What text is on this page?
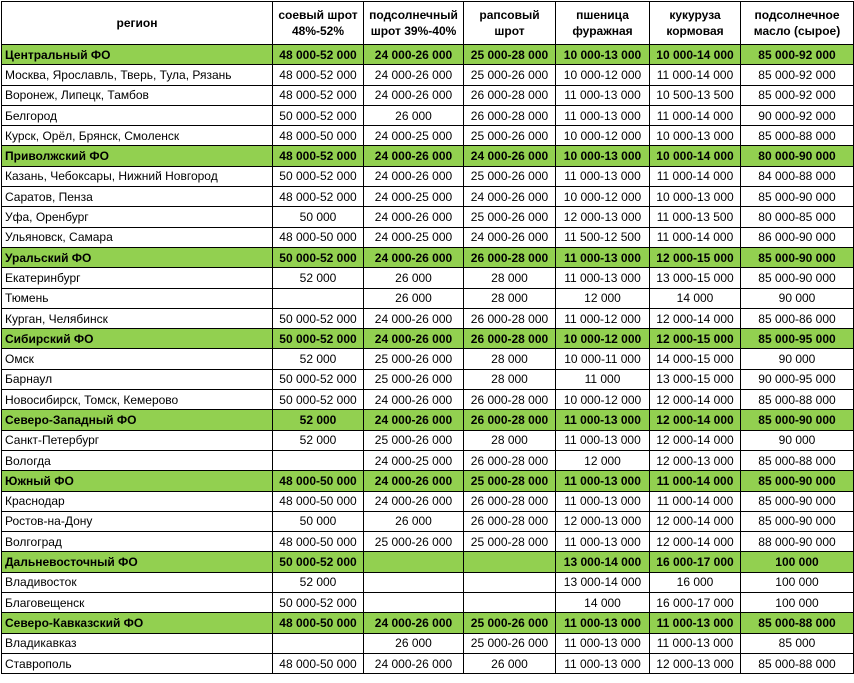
регион	соевый шрот 48%-52%	подсолнечный шрот 39%-40%	рапсовый шрот	пшеница фуражная	кукуруза кормовая	подсолнечное масло (сырое)
Центральный ФО	48 000-52 000	24 000-26 000	25 000-28 000	10 000-13 000	10 000-14 000	85 000-92 000
Москва, Ярославль, Тверь, Тула, Рязань	48 000-52 000	24 000-26 000	25 000-26 000	10 000-12 000	11 000-14 000	85 000-92 000
Воронеж, Липецк, Тамбов	48 000-52 000	24 000-26 000	26 000-28 000	11 000-13 000	10 500-13 500	85 000-92 000
Белгород	50 000-52 000	26 000	26 000-28 000	11 000-13 000	11 000-14 000	90 000-92 000
Курск, Орёл, Брянск, Смоленск	48 000-50 000	24 000-25 000	25 000-26 000	10 000-12 000	10 000-13 000	85 000-88 000
Приволжский ФО	48 000-52 000	24 000-26 000	24 000-26 000	10 000-13 000	10 000-14 000	80 000-90 000
Казань, Чебоксары, Нижний Новгород	50 000-52 000	24 000-26 000	25 000-26 000	11 000-13 000	11 000-14 000	84 000-88 000
Саратов, Пенза	48 000-52 000	24 000-25 000	24 000-26 000	10 000-12 000	10 000-13 000	85 000-90 000
Уфа, Оренбург	50 000	24 000-26 000	25 000-26 000	12 000-13 000	11 000-13 500	80 000-85 000
Ульяновск, Самара	48 000-50 000	24 000-25 000	24 000-26 000	11 500-12 500	11 000-14 000	86 000-90 000
Уральский ФО	50 000-52 000	24 000-26 000	26 000-28 000	11 000-13 000	12 000-15 000	85 000-90 000
Екатеринбург	52 000	26 000	28 000	11 000-13 000	13 000-15 000	85 000-90 000
Тюмень		26 000	28 000	12 000	14 000	90 000
Курган, Челябинск	50 000-52 000	24 000-26 000	26 000-28 000	11 000-12 000	12 000-14 000	85 000-86 000
Сибирский ФО	50 000-52 000	24 000-26 000	26 000-28 000	10 000-12 000	12 000-15 000	85 000-95 000
Омск	52 000	25 000-26 000	28 000	10 000-11 000	14 000-15 000	90 000
Барнаул	50 000-52 000	25 000-26 000	28 000	11 000	13 000-15 000	90 000-95 000
Новосибирск, Томск, Кемерово	50 000-52 000	24 000-26 000	26 000-28 000	10 000-12 000	12 000-14 000	85 000-88 000
Северо-Западный ФО	52 000	24 000-26 000	26 000-28 000	11 000-13 000	12 000-14 000	85 000-90 000
Санкт-Петербург	52 000	25 000-26 000	28 000	11 000-13 000	12 000-14 000	90 000
Вологда		24 000-25 000	26 000-28 000	12 000	12 000-13 000	85 000-88 000
Южный ФО	48 000-50 000	24 000-26 000	25 000-28 000	11 000-13 000	11 000-14 000	85 000-90 000
Краснодар	48 000-50 000	24 000-26 000	26 000-28 000	11 000-13 000	11 000-14 000	85 000-90 000
Ростов-на-Дону	50 000	26 000	26 000-28 000	12 000-13 000	12 000-14 000	85 000-90 000
Волгоград	48 000-50 000	25 000-26 000	25 000-28 000	11 000-13 000	12 000-14 000	88 000-90 000
Дальневосточный ФО	50 000-52 000			13 000-14 000	16 000-17 000	100 000
Владивосток	52 000			13 000-14 000	16 000	100 000
Благовещенск	50 000-52 000			14 000	16 000-17 000	100 000
Северо-Кавказский ФО	48 000-50 000	24 000-26 000	25 000-26 000	11 000-13 000	11 000-13 000	85 000-88 000
Владикавказ		26 000	25 000-26 000	11 000-13 000	11 000-13 000	85 000
Ставрополь	48 000-50 000	24 000-26 000	26 000	11 000-13 000	12 000-13 000	85 000-88 000
